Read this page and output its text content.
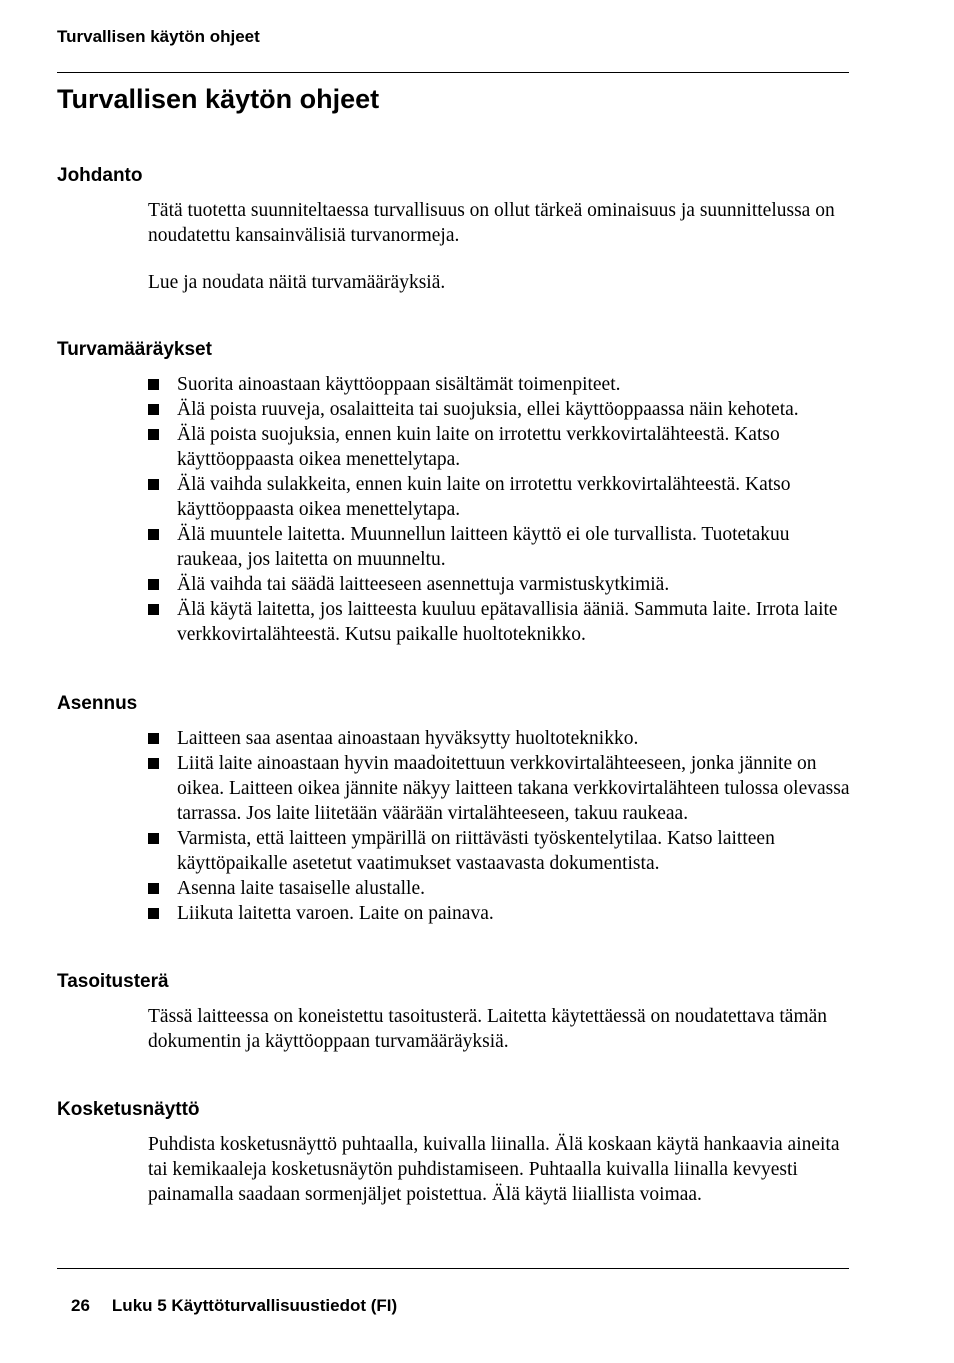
Turvallisen käytön ohjeet
Turvallisen käytön ohjeet
Johdanto

Tätä tuotetta suunniteltaessa turvallisuus on ollut tärkeä ominaisuus ja suunnittelussa on noudatettu kansainvälisiä turvanormeja.

Lue ja noudata näitä turvamääräyksiä.

Turvamääräykset
Suorita ainoastaan käyttöoppaan sisältämät toimenpiteet.
Älä poista ruuveja, osalaitteita tai suojuksia, ellei käyttöoppaassa näin kehoteta.
Älä poista suojuksia, ennen kuin laite on irrotettu verkkovirtalähteestä. Katso käyttöoppaasta oikea menettelytapa.
Älä vaihda sulakkeita, ennen kuin laite on irrotettu verkkovirtalähteestä. Katso käyttöoppaasta oikea menettelytapa.
Älä muuntele laitetta. Muunnellun laitteen käyttö ei ole turvallista. Tuotetakuu raukeaa, jos laitetta on muunneltu.
Älä vaihda tai säädä laitteeseen asennettuja varmistuskytkimiä.
Älä käytä laitetta, jos laitteesta kuuluu epätavallisia ääniä. Sammuta laite. Irrota laite verkkovirtalähteestä. Kutsu paikalle huoltoteknikko.
Asennus
Laitteen saa asentaa ainoastaan hyväksytty huoltoteknikko.
Liitä laite ainoastaan hyvin maadoitettuun verkkovirtalähteeseen, jonka jännite on oikea. Laitteen oikea jännite näkyy laitteen takana verkkovirtalähteen tulossa olevassa tarrassa. Jos laite liitetään väärään virtalähteeseen, takuu raukeaa.
Varmista, että laitteen ympärillä on riittävästi työskentelytilaa. Katso laitteen käyttöpaikalle asetetut vaatimukset vastaavasta dokumentista.
Asenna laite tasaiselle alustalle.
Liikuta laitetta varoen. Laite on painava.
Tasoitusterä

Tässä laitteessa on koneistettu tasoitusterä. Laitetta käytettäessä on noudatettava tämän dokumentin ja käyttöoppaan turvamääräyksiä.

Kosketusnäyttö

Puhdista kosketusnäyttö puhtaalla, kuivalla liinalla. Älä koskaan käytä hankaavia aineita tai kemikaaleja kosketusnäytön puhdistamiseen. Puhtaalla kuivalla liinalla kevyesti painamalla saadaan sormenjäljet poistettua. Älä käytä liiallista voimaa.

26 Luku 5 Käyttöturvallisuustiedot (FI)
